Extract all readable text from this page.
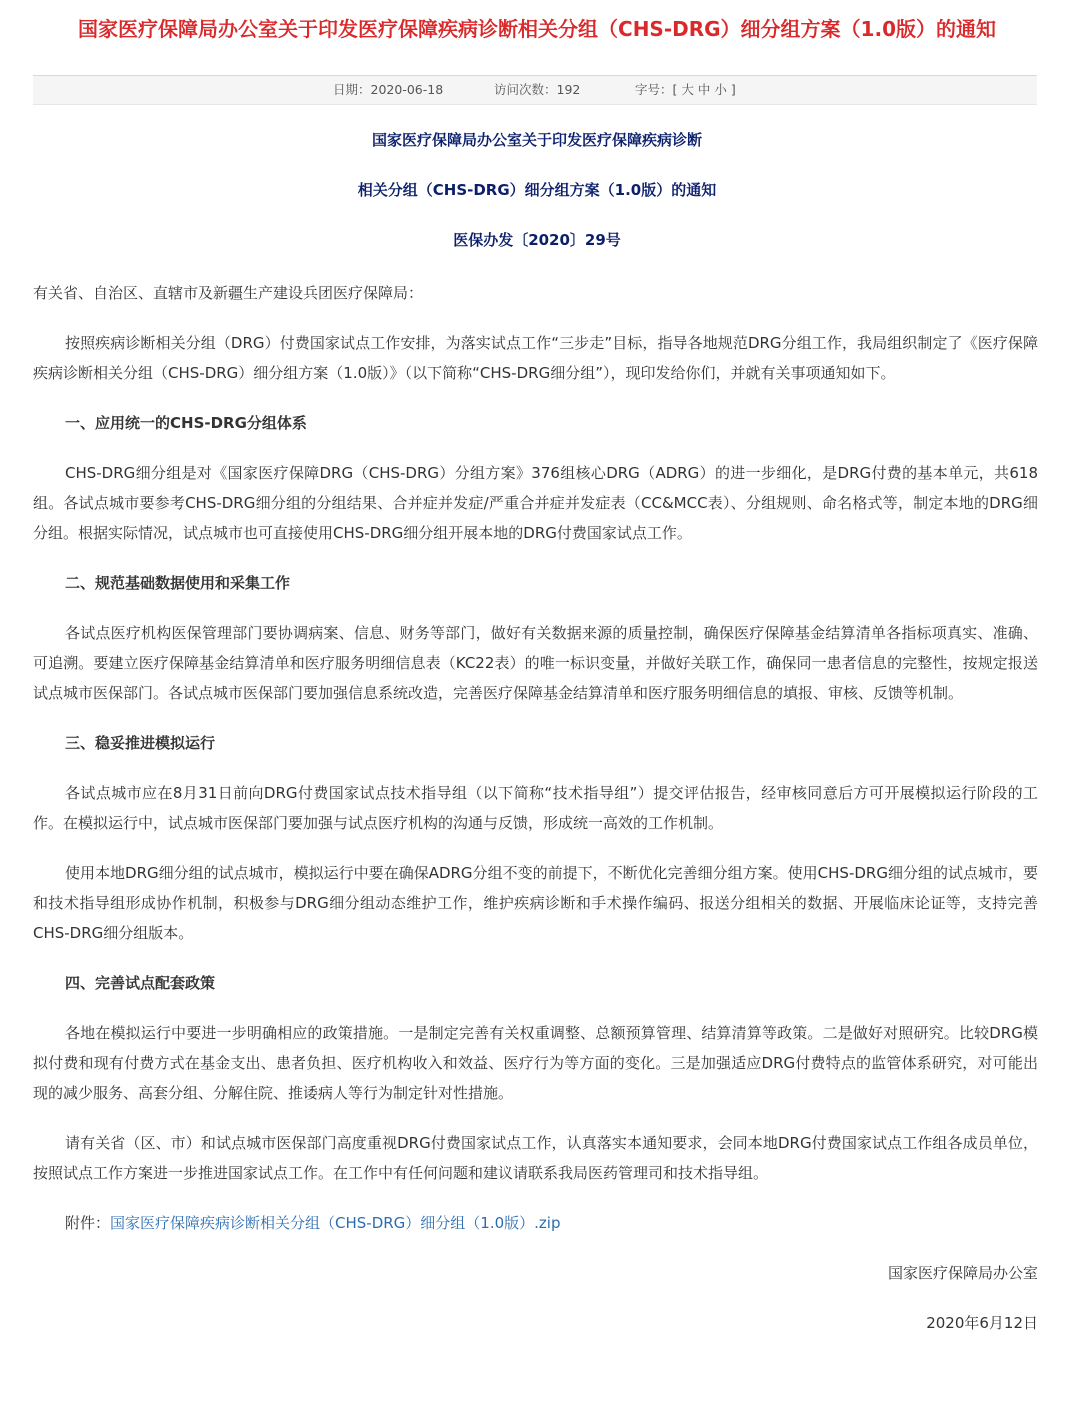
国家医疗保障局办公室关于印发医疗保障疾病诊断相关分组（CHS-DRG）细分组方案（1.0版）的通知
日期：2020-06-18	访问次数：192	字号：[ 大 中 小 ]
国家医疗保障局办公室关于印发医疗保障疾病诊断
相关分组（CHS-DRG）细分组方案（1.0版）的通知
医保办发〔2020〕29号

有关省、自治区、直辖市及新疆生产建设兵团医疗保障局：

按照疾病诊断相关分组（DRG）付费国家试点工作安排，为落实试点工作“三步走”目标，指导各地规范DRG分组工作，我局组织制定了《医疗保障疾病诊断相关分组（CHS-DRG）细分组方案（1.0版）》（以下简称“CHS-DRG细分组”），现印发给你们，并就有关事项通知如下。

一、应用统一的CHS-DRG分组体系

CHS-DRG细分组是对《国家医疗保障DRG（CHS-DRG）分组方案》376组核心DRG（ADRG）的进一步细化，是DRG付费的基本单元，共618组。各试点城市要参考CHS-DRG细分组的分组结果、合并症并发症/严重合并症并发症表（CC&MCC表）、分组规则、命名格式等，制定本地的DRG细分组。根据实际情况，试点城市也可直接使用CHS-DRG细分组开展本地的DRG付费国家试点工作。

二、规范基础数据使用和采集工作

各试点医疗机构医保管理部门要协调病案、信息、财务等部门，做好有关数据来源的质量控制，确保医疗保障基金结算清单各指标项真实、准确、可追溯。要建立医疗保障基金结算清单和医疗服务明细信息表（KC22表）的唯一标识变量，并做好关联工作，确保同一患者信息的完整性，按规定报送试点城市医保部门。各试点城市医保部门要加强信息系统改造，完善医疗保障基金结算清单和医疗服务明细信息的填报、审核、反馈等机制。

三、稳妥推进模拟运行

各试点城市应在8月31日前向DRG付费国家试点技术指导组（以下简称“技术指导组”）提交评估报告，经审核同意后方可开展模拟运行阶段的工作。在模拟运行中，试点城市医保部门要加强与试点医疗机构的沟通与反馈，形成统一高效的工作机制。

使用本地DRG细分组的试点城市，模拟运行中要在确保ADRG分组不变的前提下，不断优化完善细分组方案。使用CHS-DRG细分组的试点城市，要和技术指导组形成协作机制，积极参与DRG细分组动态维护工作，维护疾病诊断和手术操作编码、报送分组相关的数据、开展临床论证等，支持完善CHS-DRG细分组版本。

四、完善试点配套政策

各地在模拟运行中要进一步明确相应的政策措施。一是制定完善有关权重调整、总额预算管理、结算清算等政策。二是做好对照研究。比较DRG模拟付费和现有付费方式在基金支出、患者负担、医疗机构收入和效益、医疗行为等方面的变化。三是加强适应DRG付费特点的监管体系研究，对可能出现的减少服务、高套分组、分解住院、推诿病人等行为制定针对性措施。

请有关省（区、市）和试点城市医保部门高度重视DRG付费国家试点工作，认真落实本通知要求，会同本地DRG付费国家试点工作组各成员单位，按照试点工作方案进一步推进国家试点工作。在工作中有任何问题和建议请联系我局医药管理司和技术指导组。

附件：国家医疗保障疾病诊断相关分组（CHS-DRG）细分组（1.0版）.zip

国家医疗保障局办公室

2020年6月12日
